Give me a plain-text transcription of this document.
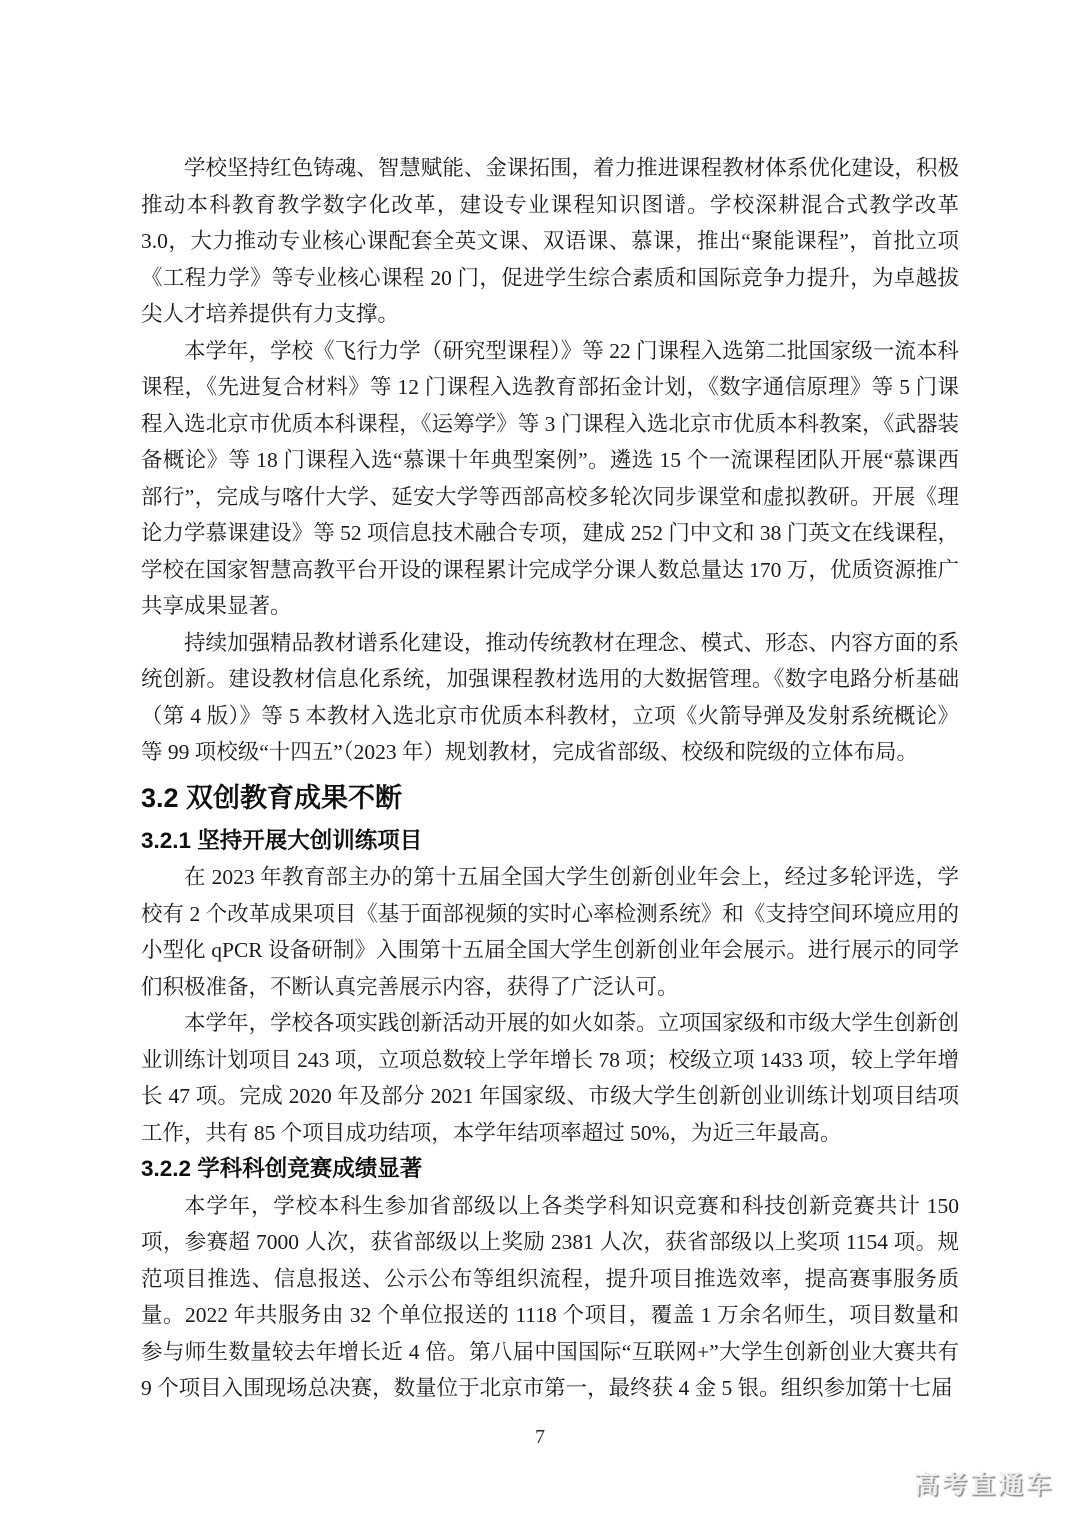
学校坚持红色铸魂、智慧赋能、金课拓围，着力推进课程教材体系优化建设，积极推动本科教育教学数字化改革，建设专业课程知识图谱。学校深耕混合式教学改革 3.0，大力推动专业核心课配套全英文课、双语课、慕课，推出“聚能课程”，首批立项《工程力学》等专业核心课程 20 门，促进学生综合素质和国际竞争力提升，为卓越拔尖人才培养提供有力支撑。

本学年，学校《飞行力学（研究型课程）》等 22 门课程入选第二批国家级一流本科课程，《先进复合材料》等 12 门课程入选教育部拓金计划，《数字通信原理》等 5 门课程入选北京市优质本科课程，《运筹学》等 3 门课程入选北京市优质本科教案，《武器装备概论》等 18 门课程入选“慕课十年典型案例”。遴选 15 个一流课程团队开展“慕课西部行”，完成与喀什大学、延安大学等西部高校多轮次同步课堂和虚拟教研。开展《理论力学慕课建设》等 52 项信息技术融合专项，建成 252 门中文和 38 门英文在线课程，学校在国家智慧高教平台开设的课程累计完成学分课人数总量达 170 万，优质资源推广共享成果显著。

持续加强精品教材谱系化建设，推动传统教材在理念、模式、形态、内容方面的系统创新。建设教材信息化系统，加强课程教材选用的大数据管理。《数字电路分析基础（第 4 版）》等 5 本教材入选北京市优质本科教材，立项《火箭导弹及发射系统概论》等 99 项校级“十四五”（2023 年）规划教材，完成省部级、校级和院级的立体布局。

3.2 双创教育成果不断
3.2.1 坚持开展大创训练项目

在 2023 年教育部主办的第十五届全国大学生创新创业年会上，经过多轮评选，学校有 2 个改革成果项目《基于面部视频的实时心率检测系统》和《支持空间环境应用的小型化 qPCR 设备研制》入围第十五届全国大学生创新创业年会展示。进行展示的同学们积极准备，不断认真完善展示内容，获得了广泛认可。

本学年，学校各项实践创新活动开展的如火如荼。立项国家级和市级大学生创新创业训练计划项目 243 项，立项总数较上学年增长 78 项；校级立项 1433 项，较上学年增长 47 项。完成 2020 年及部分 2021 年国家级、市级大学生创新创业训练计划项目结项工作，共有 85 个项目成功结项，本学年结项率超过 50%，为近三年最高。

3.2.2 学科科创竞赛成绩显著

本学年，学校本科生参加省部级以上各类学科知识竞赛和科技创新竞赛共计 150 项，参赛超 7000 人次，获省部级以上奖励 2381 人次，获省部级以上奖项 1154 项。规范项目推选、信息报送、公示公布等组织流程，提升项目推选效率，提高赛事服务质量。2022 年共服务由 32 个单位报送的 1118 个项目，覆盖 1 万余名师生，项目数量和参与师生数量较去年增长近 4 倍。第八届中国国际“互联网+”大学生创新创业大赛共有 9 个项目入围现场总决赛，数量位于北京市第一，最终获 4 金 5 银。组织参加第十七届

7
高考直通车
